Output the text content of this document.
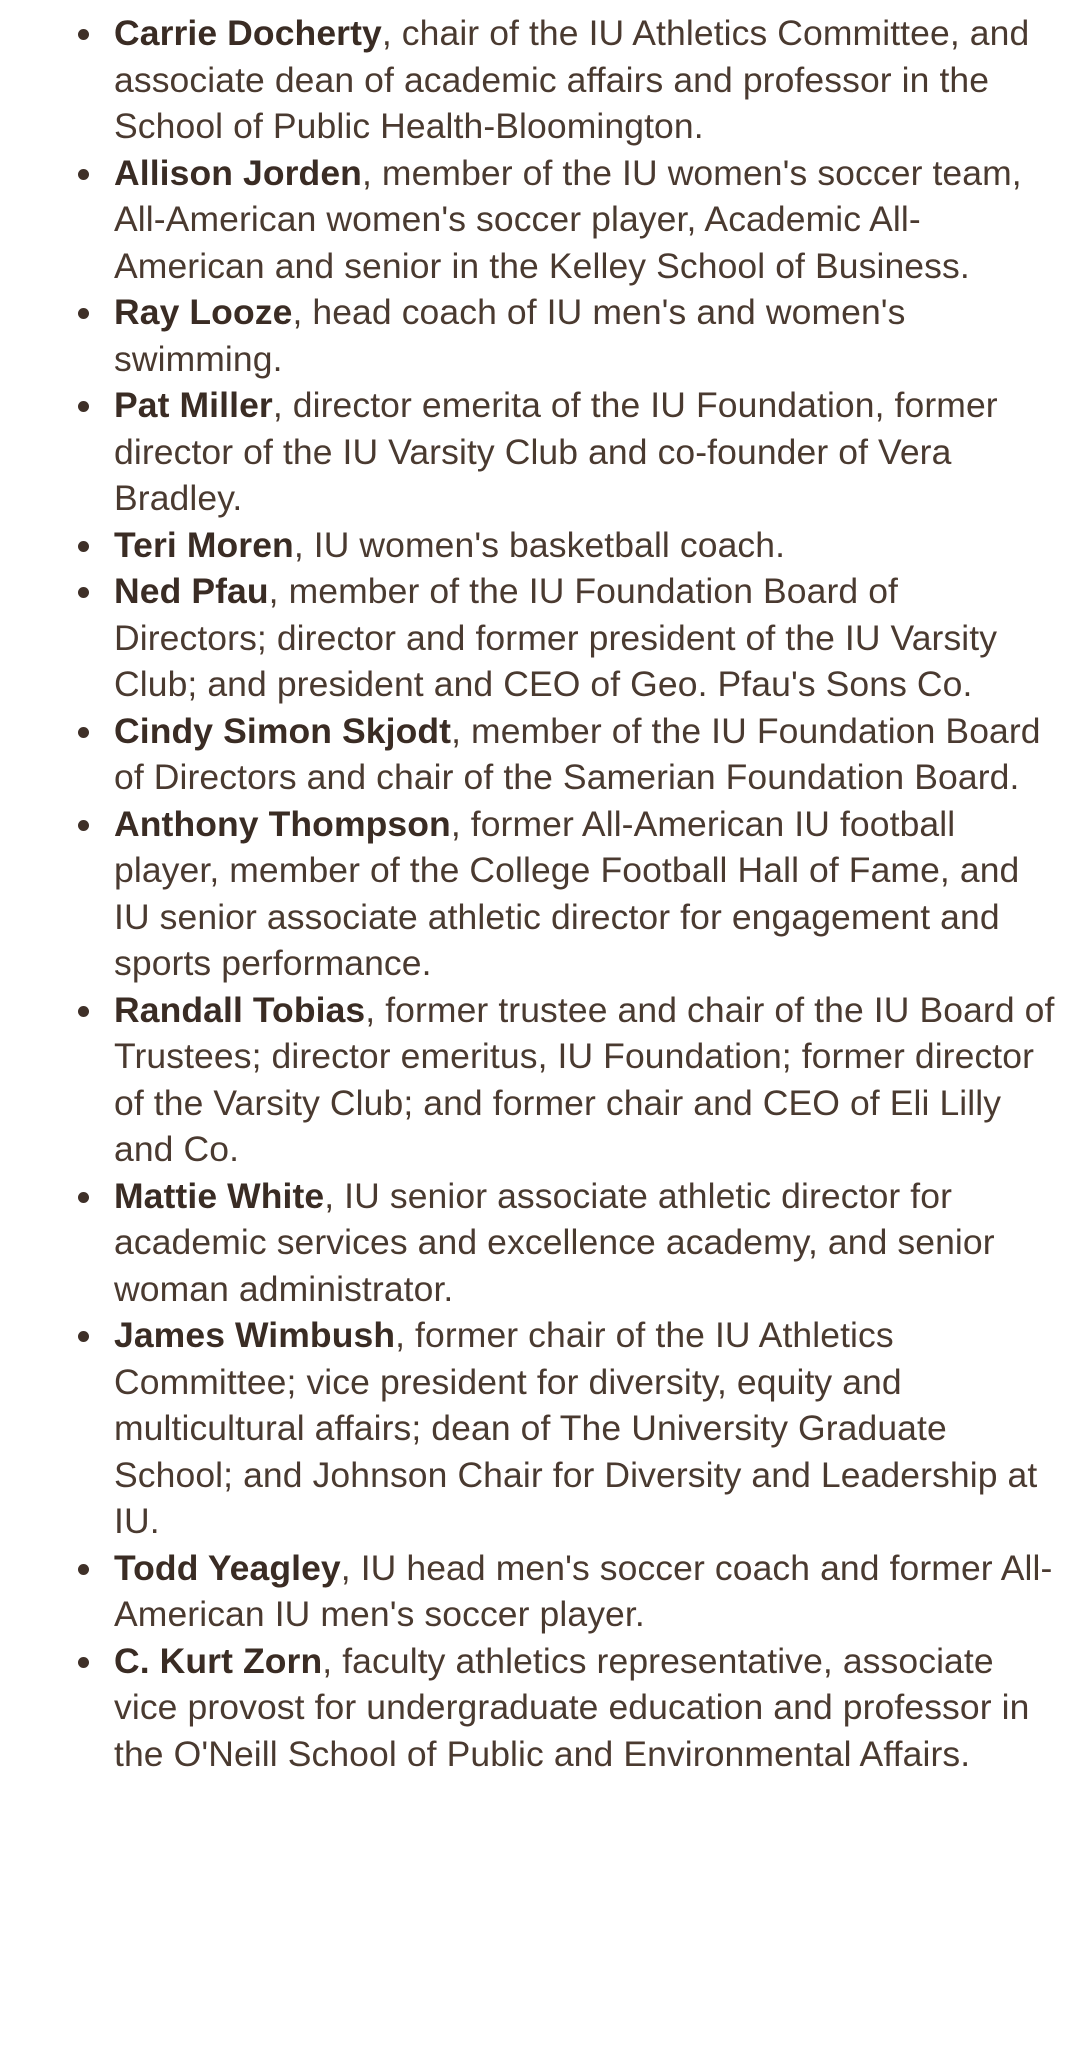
Carrie Docherty, chair of the IU Athletics Committee, and associate dean of academic affairs and professor in the School of Public Health-Bloomington.
Allison Jorden, member of the IU women's soccer team, All-American women's soccer player, Academic All-American and senior in the Kelley School of Business.
Ray Looze, head coach of IU men's and women's swimming.
Pat Miller, director emerita of the IU Foundation, former director of the IU Varsity Club and co-founder of Vera Bradley.
Teri Moren, IU women's basketball coach.
Ned Pfau, member of the IU Foundation Board of Directors; director and former president of the IU Varsity Club; and president and CEO of Geo. Pfau's Sons Co.
Cindy Simon Skjodt, member of the IU Foundation Board of Directors and chair of the Samerian Foundation Board.
Anthony Thompson, former All-American IU football player, member of the College Football Hall of Fame, and IU senior associate athletic director for engagement and sports performance.
Randall Tobias, former trustee and chair of the IU Board of Trustees; director emeritus, IU Foundation; former director of the Varsity Club; and former chair and CEO of Eli Lilly and Co.
Mattie White, IU senior associate athletic director for academic services and excellence academy, and senior woman administrator.
James Wimbush, former chair of the IU Athletics Committee; vice president for diversity, equity and multicultural affairs; dean of The University Graduate School; and Johnson Chair for Diversity and Leadership at IU.
Todd Yeagley, IU head men's soccer coach and former All-American IU men's soccer player.
C. Kurt Zorn, faculty athletics representative, associate vice provost for undergraduate education and professor in the O'Neill School of Public and Environmental Affairs.
